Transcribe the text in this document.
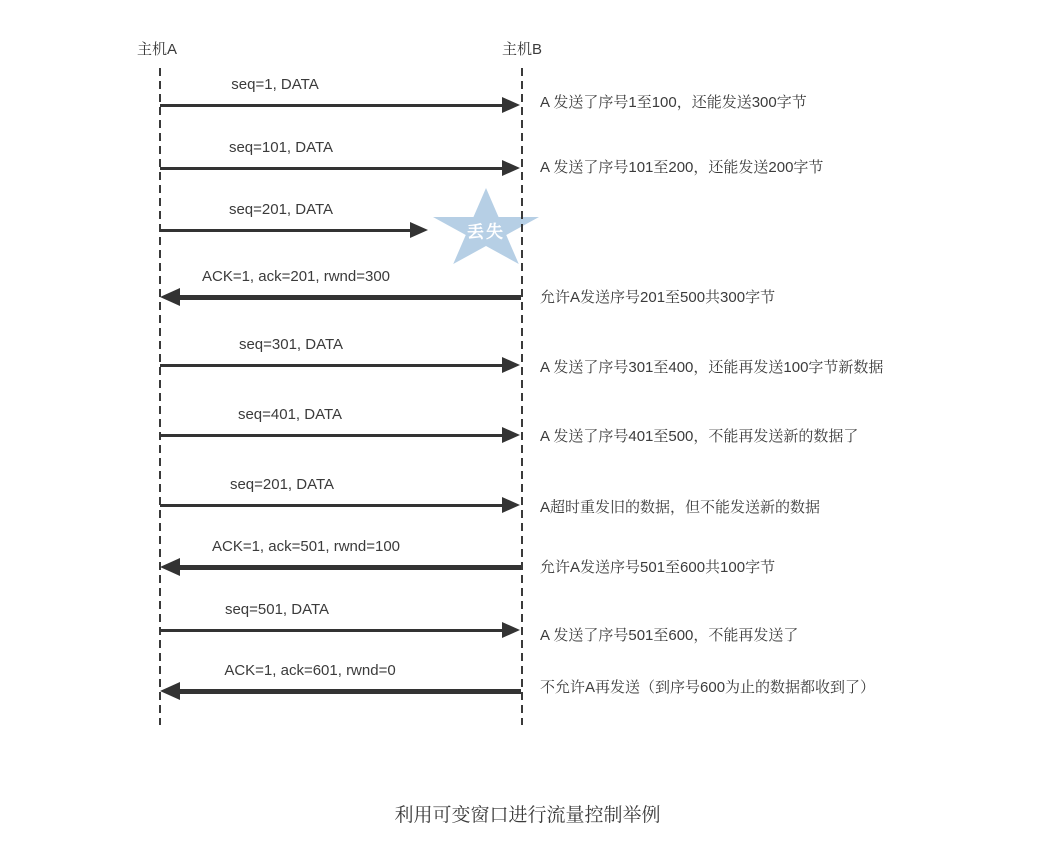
主机A	主机B
丢失
seq=1, DATA
seq=101, DATA
seq=201, DATA
ACK=1, ack=201, rwnd=300
seq=301, DATA
seq=401, DATA
seq=201, DATA
ACK=1, ack=501, rwnd=100
seq=501, DATA
ACK=1, ack=601, rwnd=0
A 发送了序号1至100，还能发送300字节
A 发送了序号101至200，还能发送200字节
允许A发送序号201至500共300字节
A 发送了序号301至400，还能再发送100字节新数据
A 发送了序号401至500，不能再发送新的数据了
A超时重发旧的数据，但不能发送新的数据
允许A发送序号501至600共100字节
A 发送了序号501至600，不能再发送了
不允许A再发送（到序号600为止的数据都收到了）
利用可变窗口进行流量控制举例
